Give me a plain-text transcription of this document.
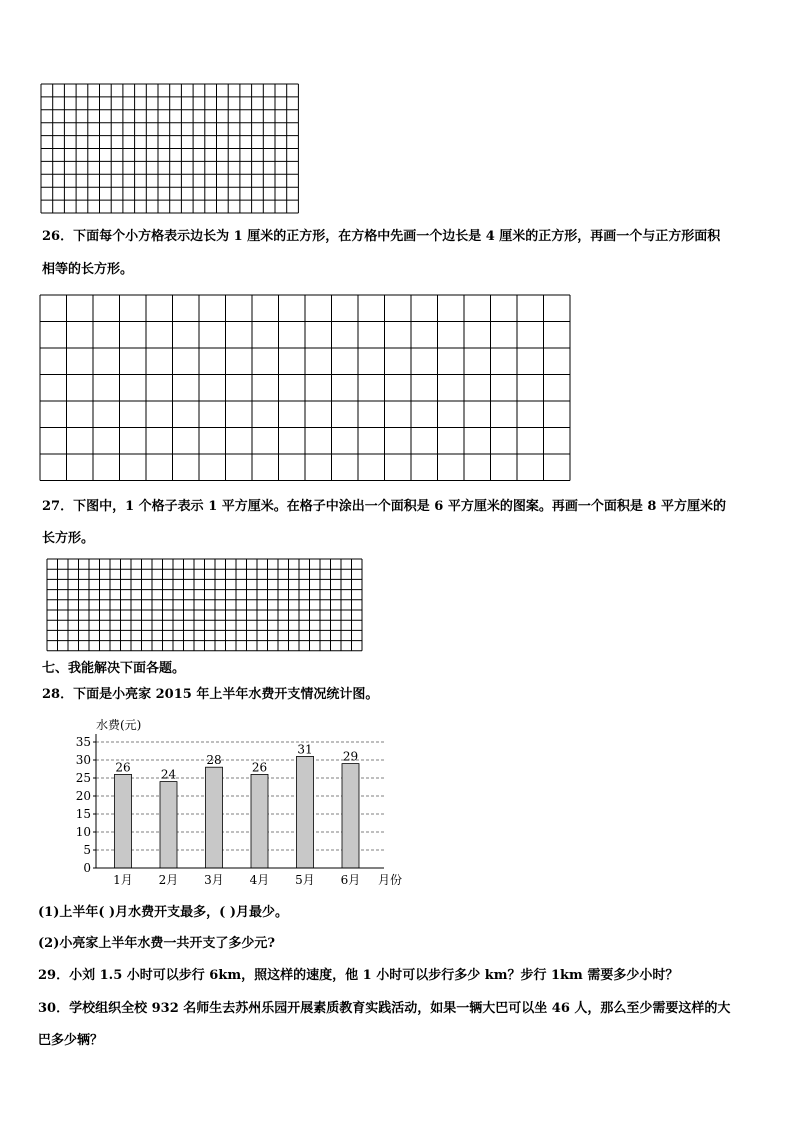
26．下面每个小方格表示边长为 1 厘米的正方形，在方格中先画一个边长是 4 厘米的正方形，再画一个与正方形面积
相等的长方形。
27．下图中，1 个格子表示 1 平方厘米。在格子中涂出一个面积是 6 平方厘米的图案。再画一个面积是 8 平方厘米的
长方形。
七、我能解决下面各题。
28．下面是小亮家 2015 年上半年水费开支情况统计图。
水费(元)
月份
0
5
10
15
20
25
30
35
26
24
28
26
31
29
1月 2月 3月 4月 5月 6月
(1)上半年( )月水费开支最多，( )月最少。
(2)小亮家上半年水费一共开支了多少元?
29．小刘 1.5 小时可以步行 6km，照这样的速度，他 1 小时可以步行多少 km？步行 1km 需要多少小时？
30．学校组织全校 932 名师生去苏州乐园开展素质教育实践活动，如果一辆大巴可以坐 46 人，那么至少需要这样的大
巴多少辆？
